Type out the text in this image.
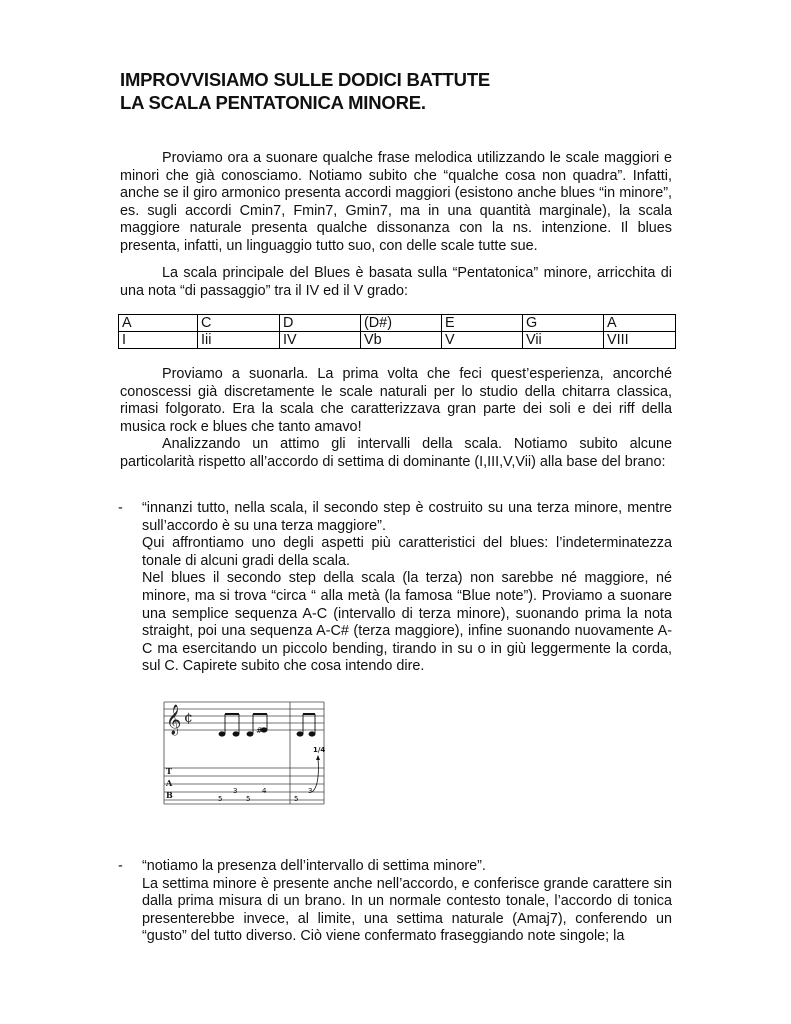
IMPROVVISIAMO SULLE DODICI BATTUTE
LA SCALA PENTATONICA MINORE.

Proviamo ora a suonare qualche frase melodica utilizzando le scale maggiori e minori che già conosciamo. Notiamo subito che “qualche cosa non quadra”. Infatti, anche se il giro armonico presenta accordi maggiori (esistono anche blues “in minore”, es. sugli accordi Cmin7, Fmin7, Gmin7, ma in una quantità marginale), la scala maggiore naturale presenta qualche dissonanza con la ns. intenzione. Il blues presenta, infatti, un linguaggio tutto suo, con delle scale tutte sue.

La scala principale del Blues è basata sulla “Pentatonica” minore, arricchita di una nota “di passaggio” tra il IV ed il V grado:

A	C	D	(D#)	E	G	A
I	Iii	IV	Vb	V	Vii	VIII

Proviamo a suonarla. La prima volta che feci quest’esperienza, ancorché conoscessi già discretamente le scale naturali per lo studio della chitarra classica, rimasi folgorato. Era la scala che caratterizzava gran parte dei soli e dei riff della musica rock e blues che tanto amavo!

Analizzando un attimo gli intervalli della scala. Notiamo subito alcune particolarità rispetto all’accordo di settima di dominante (I,III,V,Vii) alla base del brano:

- “innanzi tutto, nella scala, il secondo step è costruito su una terza minore, mentre sull’accordo è su una terza maggiore”.

Qui affrontiamo uno degli aspetti più caratteristici del blues: l’indeterminatezza tonale di alcuni gradi della scala.

Nel blues il secondo step della scala (la terza) non sarebbe né maggiore, né minore, ma si trova “circa “ alla metà (la famosa “Blue note”). Proviamo a suonare una semplice sequenza A-C (intervallo di terza minore), suonando prima la nota straight, poi una sequenza A-C# (terza maggiore), infine suonando nuovamente A-C ma esercitando un piccolo bending, tirando in su o in giù leggermente la corda, sul C. Capirete subito che cosa intendo dire.

𝄞 ¢
#
1/4
T
A
B	5
3
5
4
5
3
- “notiamo la presenza dell’intervallo di settima minore”.

La settima minore è presente anche nell’accordo, e conferisce grande carattere sin dalla prima misura di un brano. In un normale contesto tonale, l’accordo di tonica presenterebbe invece, al limite, una settima naturale (Amaj7), conferendo un “gusto” del tutto diverso. Ciò viene confermato fraseggiando note singole; la
